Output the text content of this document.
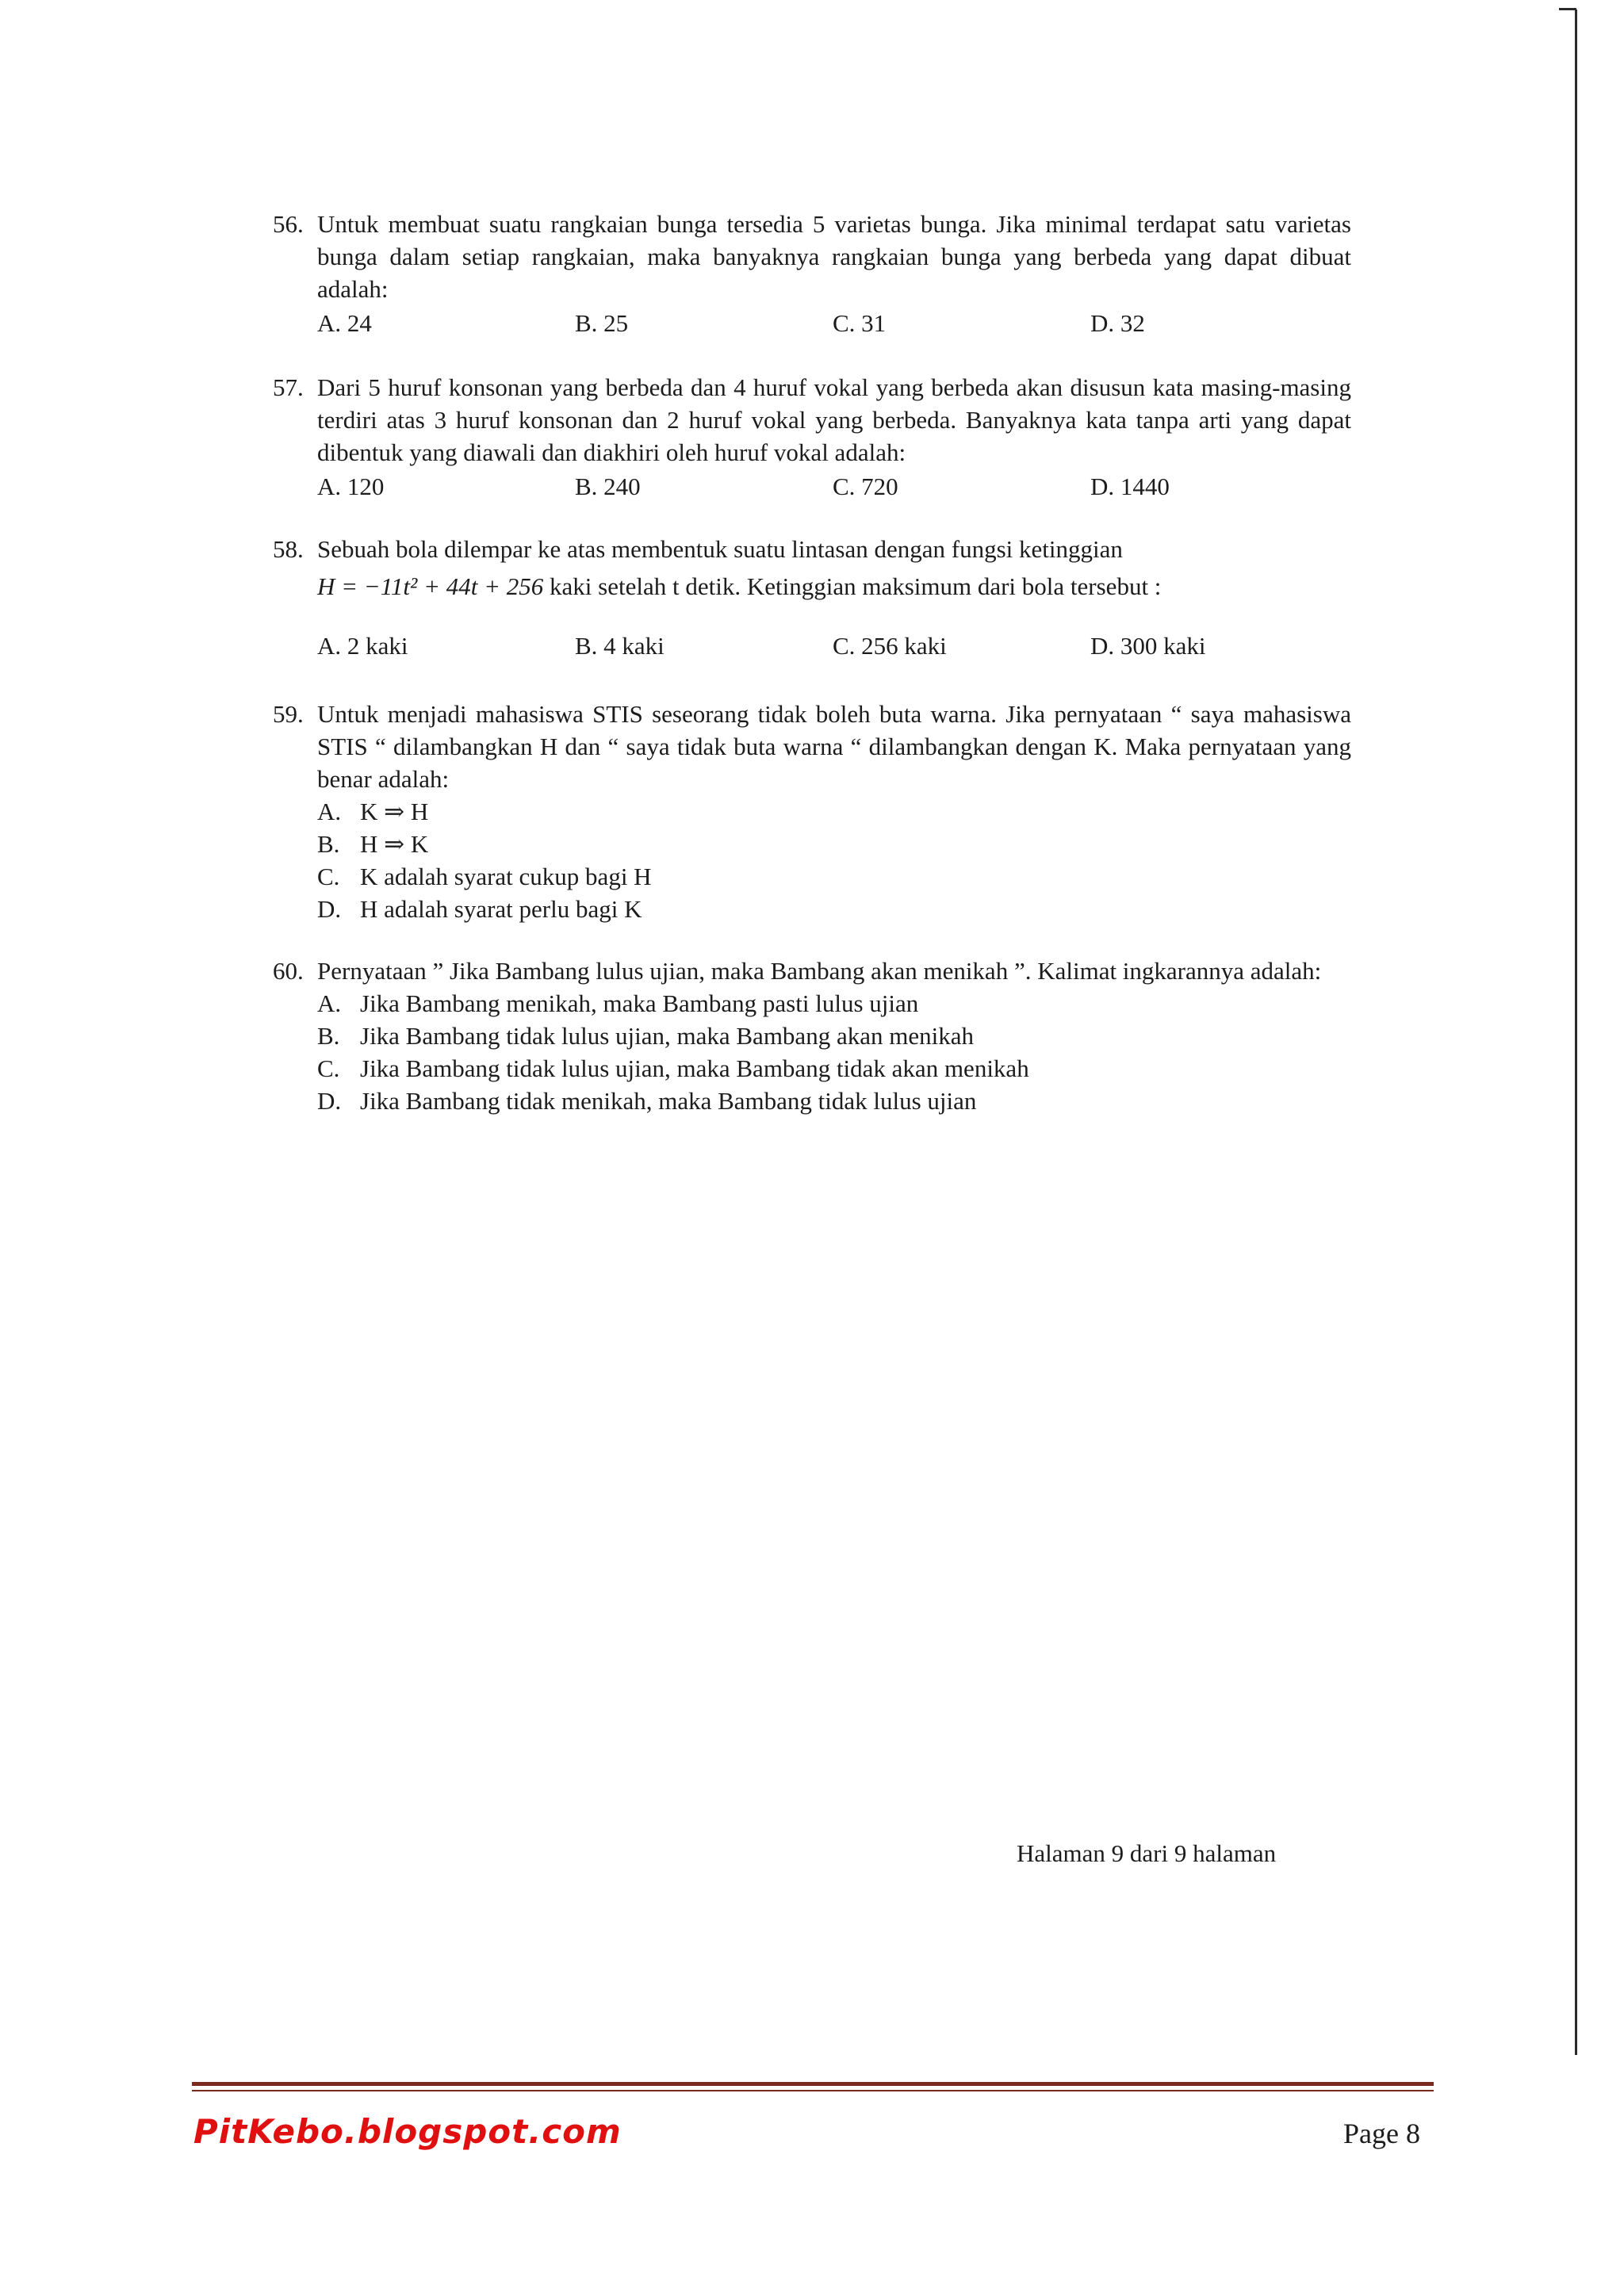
56. Untuk membuat suatu rangkaian bunga tersedia 5 varietas bunga. Jika minimal terdapat satu varietas bunga dalam setiap rangkaian, maka banyaknya rangkaian bunga yang berbeda yang dapat dibuat adalah:
A. 24	B. 25	C. 31	D. 32
57. Dari 5 huruf konsonan yang berbeda dan 4 huruf vokal yang berbeda akan disusun kata masing-masing terdiri atas 3 huruf konsonan dan 2 huruf vokal yang berbeda. Banyaknya kata tanpa arti yang dapat dibentuk yang diawali dan diakhiri oleh huruf vokal adalah:
A. 120	B. 240	C. 720	D. 1440
58. Sebuah bola dilempar ke atas membentuk suatu lintasan dengan fungsi ketinggian
H = −11t² + 44t + 256 kaki setelah t detik. Ketinggian maksimum dari bola tersebut :
A. 2 kaki	B. 4 kaki	C. 256 kaki	D. 300 kaki
59. Untuk menjadi mahasiswa STIS seseorang tidak boleh buta warna. Jika pernyataan “ saya mahasiswa STIS “ dilambangkan H dan “ saya tidak buta warna “ dilambangkan dengan K. Maka pernyataan yang benar adalah:
A. K ⇒ H
B. H ⇒ K
C. K adalah syarat cukup bagi H
D. H adalah syarat perlu bagi K
60. Pernyataan ” Jika Bambang lulus ujian, maka Bambang akan menikah ”. Kalimat ingkarannya adalah:
A. Jika Bambang menikah, maka Bambang pasti lulus ujian
B. Jika Bambang tidak lulus ujian, maka Bambang akan menikah
C. Jika Bambang tidak lulus ujian, maka Bambang tidak akan menikah
D. Jika Bambang tidak menikah, maka Bambang tidak lulus ujian
Halaman 9 dari 9 halaman
PitKebo.blogspot.com	Page 8
